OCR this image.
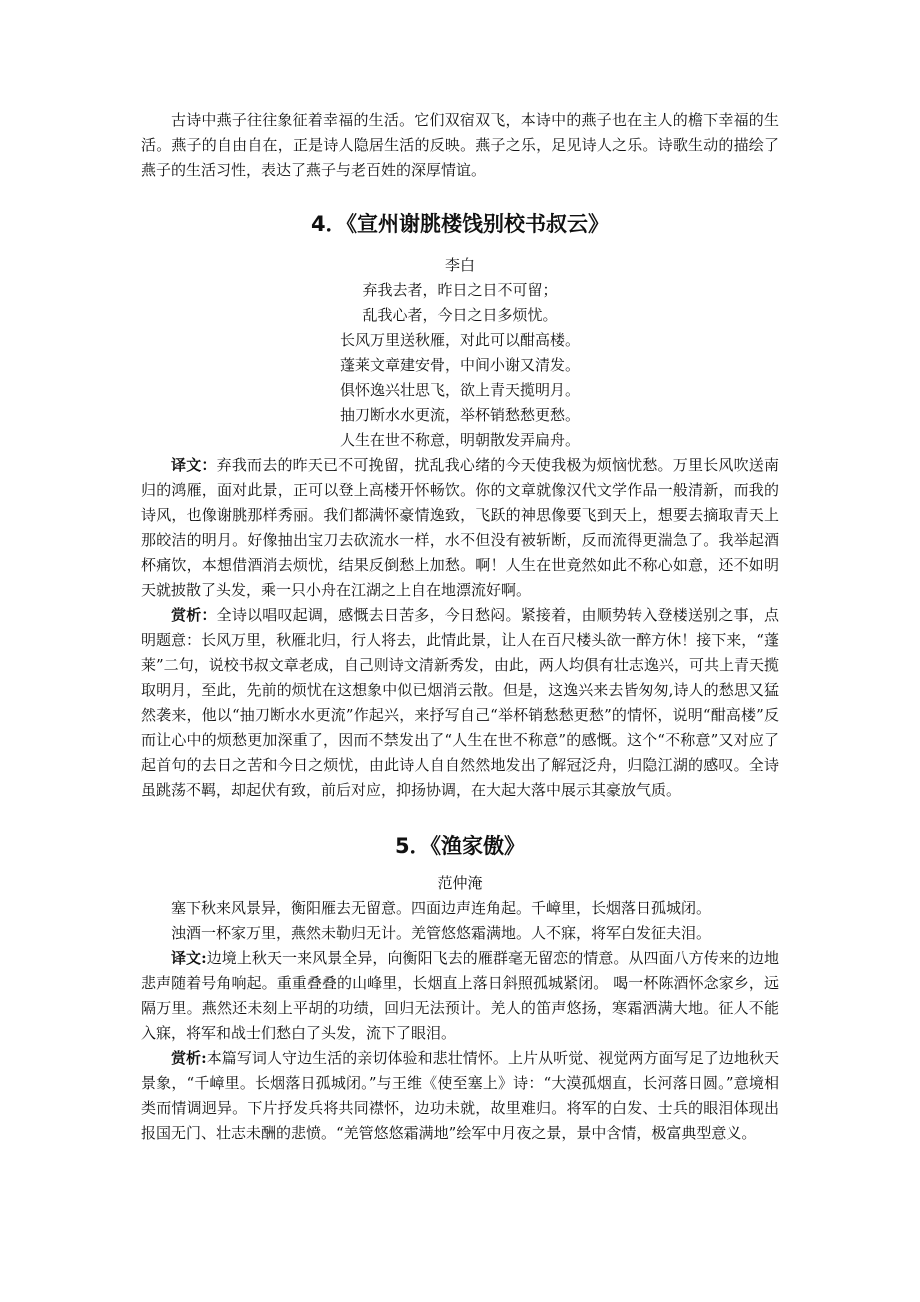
古诗中燕子往往象征着幸福的生活。它们双宿双飞，本诗中的燕子也在主人的檐下幸福的生活。燕子的自由自在，正是诗人隐居生活的反映。燕子之乐，足见诗人之乐。诗歌生动的描绘了燕子的生活习性，表达了燕子与老百姓的深厚情谊。

4．《宣州谢朓楼饯别校书叔云》

李白

弃我去者，昨日之日不可留；

乱我心者，今日之日多烦忧。

长风万里送秋雁，对此可以酣高楼。

蓬莱文章建安骨，中间小谢又清发。

俱怀逸兴壮思飞，欲上青天揽明月。

抽刀断水水更流，举杯销愁愁更愁。

人生在世不称意，明朝散发弄扁舟。

译文：弃我而去的昨天已不可挽留，扰乱我心绪的今天使我极为烦恼忧愁。万里长风吹送南归的鸿雁，面对此景，正可以登上高楼开怀畅饮。你的文章就像汉代文学作品一般清新，而我的诗风，也像谢朓那样秀丽。我们都满怀豪情逸致，飞跃的神思像要飞到天上，想要去摘取青天上那皎洁的明月。好像抽出宝刀去砍流水一样，水不但没有被斩断，反而流得更湍急了。我举起酒杯痛饮，本想借酒消去烦忧，结果反倒愁上加愁。啊！人生在世竟然如此不称心如意，还不如明天就披散了头发，乘一只小舟在江湖之上自在地漂流好啊。

赏析：全诗以唱叹起调，感慨去日苦多，今日愁闷。紧接着，由顺势转入登楼送别之事，点明题意：长风万里，秋雁北归，行人将去，此情此景，让人在百尺楼头欲一醉方休！接下来，“蓬莱”二句，说校书叔文章老成，自己则诗文清新秀发，由此，两人均俱有壮志逸兴，可共上青天揽取明月，至此，先前的烦忧在这想象中似已烟消云散。但是，这逸兴来去皆匆匆,诗人的愁思又猛然袭来，他以“抽刀断水水更流”作起兴，来抒写自己“举杯销愁愁更愁”的情怀，说明“酣高楼”反而让心中的烦愁更加深重了，因而不禁发出了“人生在世不称意”的感慨。这个“不称意”又对应了起首句的去日之苦和今日之烦忧，由此诗人自自然然地发出了解冠泛舟，归隐江湖的感叹。全诗虽跳荡不羁，却起伏有致，前后对应，抑扬协调，在大起大落中展示其豪放气质。

5．《渔家傲》

范仲淹

塞下秋来风景异，衡阳雁去无留意。四面边声连角起。千嶂里，长烟落日孤城闭。

浊酒一杯家万里，燕然未勒归无计。羌管悠悠霜满地。人不寐，将军白发征夫泪。

译文:边境上秋天一来风景全异，向衡阳飞去的雁群毫无留恋的情意。从四面八方传来的边地悲声随着号角响起。重重叠叠的山峰里，长烟直上落日斜照孤城紧闭。 喝一杯陈酒怀念家乡，远隔万里。燕然还未刻上平胡的功绩，回归无法预计。羌人的笛声悠扬，寒霜洒满大地。征人不能入寐，将军和战士们愁白了头发，流下了眼泪。

赏析:本篇写词人守边生活的亲切体验和悲壮情怀。上片从听觉、视觉两方面写足了边地秋天景象，“千嶂里。长烟落日孤城闭。”与王维《使至塞上》诗：“大漠孤烟直，长河落日圆。”意境相类而情调迥异。下片抒发兵将共同襟怀，边功未就，故里难归。将军的白发、士兵的眼泪体现出报国无门、壮志未酬的悲愤。“羌管悠悠霜满地”绘军中月夜之景，景中含情，极富典型意义。
